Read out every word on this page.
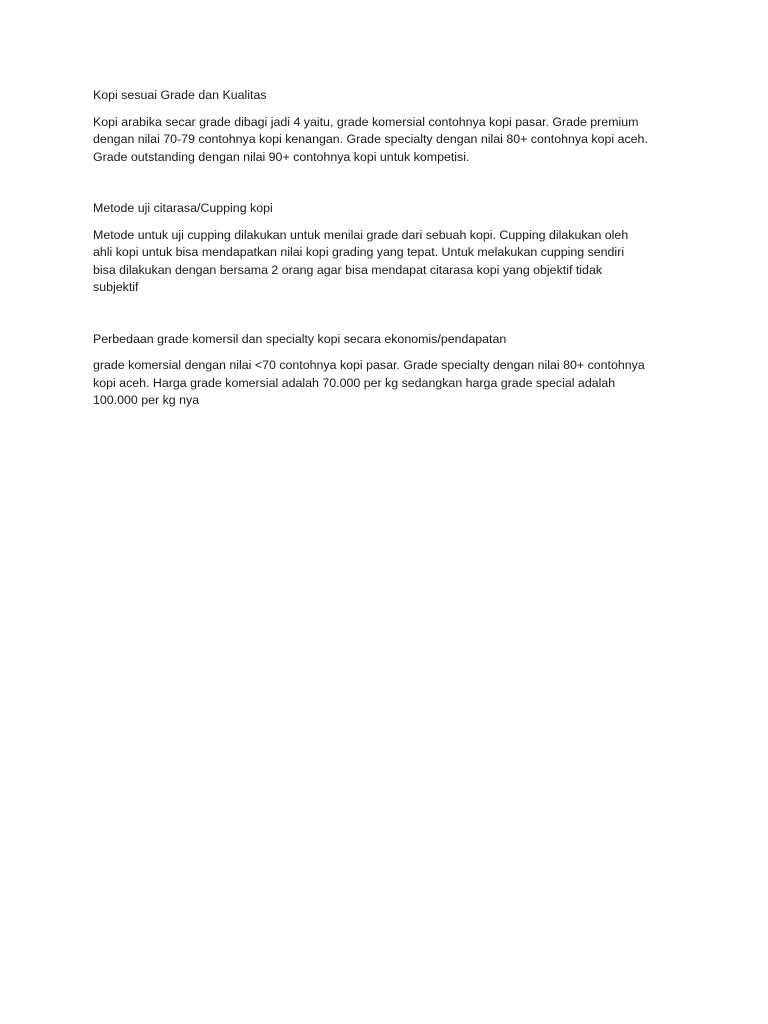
Kopi sesuai Grade dan Kualitas

Kopi arabika secar grade dibagi jadi 4 yaitu, grade komersial contohnya kopi pasar. Grade premium
dengan nilai 70-79 contohnya kopi kenangan. Grade specialty dengan nilai 80+ contohnya kopi aceh.
Grade outstanding dengan nilai 90+ contohnya kopi untuk kompetisi.

Metode uji citarasa/Cupping kopi

Metode untuk uji cupping dilakukan untuk menilai grade dari sebuah kopi. Cupping dilakukan oleh
ahli kopi untuk bisa mendapatkan nilai kopi grading yang tepat. Untuk melakukan cupping sendiri
bisa dilakukan dengan bersama 2 orang agar bisa mendapat citarasa kopi yang objektif tidak
subjektif

Perbedaan grade komersil dan specialty kopi secara ekonomis/pendapatan

grade komersial dengan nilai <70 contohnya kopi pasar. Grade specialty dengan nilai 80+ contohnya
kopi aceh. Harga grade komersial adalah 70.000 per kg sedangkan harga grade special adalah
100.000 per kg nya
